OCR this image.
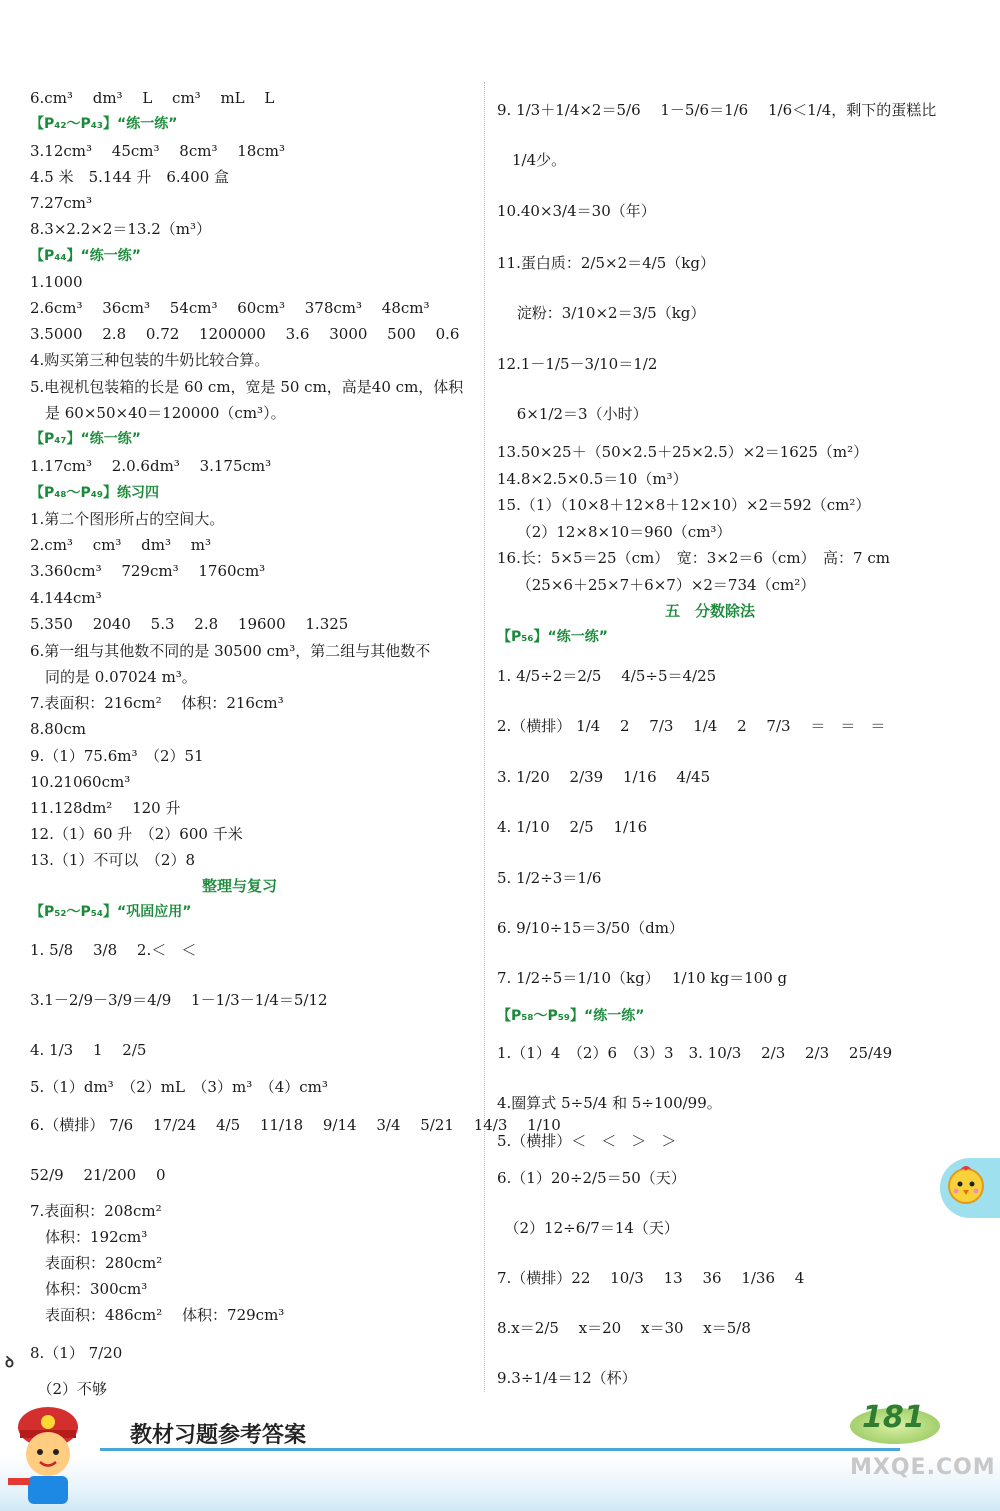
6.cm³　 dm³　 L　 cm³　 mL　 L
【P₄₂～P₄₃】“练一练”
3.12cm³　 45cm³　 8cm³　 18cm³
4.5 米　5.144 升　6.400 盒
7.27cm³
8.3×2.2×2＝13.2（m³）
【P₄₄】“练一练”
1.1000
2.6cm³　 36cm³　 54cm³　 60cm³　 378cm³　 48cm³
3.5000　 2.8　 0.72　 1200000　 3.6　 3000　 500　 0.6
4.购买第三种包装的牛奶比较合算。
5.电视机包装箱的长是 60 cm，宽是 50 cm，高是40 cm，体积
　是 60×50×40＝120000（cm³）。
【P₄₇】“练一练”
1.17cm³　 2.0.6dm³　 3.175cm³
【P₄₈～P₄₉】练习四
1.第二个图形所占的空间大。
2.cm³　 cm³　 dm³　 m³
3.360cm³　 729cm³　 1760cm³
4.144cm³
5.350　 2040　 5.3　 2.8　 19600　 1.325
6.第一组与其他数不同的是 30500 cm³，第二组与其他数不
　同的是 0.07024 m³。
7.表面积：216cm²　 体积：216cm³
8.80cm
9.（1）75.6m³　（2）51
10.21060cm³
11.128dm²　 120 升
12.（1）60 升　（2）600 千米
13.（1）不可以　（2）8
整理与复习
【P₅₂～P₅₄】“巩固应用”
1. 5/8　 3/8　 2.＜　＜
3.1－2/9－3/9＝4/9　 1－1/3－1/4＝5/12
4. 1/3　 1　 2/5
5.（1）dm³　（2）mL　（3）m³　（4）cm³
6.（横排） 7/6　 17/24　 4/5　 11/18　 9/14　 3/4　 5/21　 14/3　 1/10
52/9　 21/200　 0
7.表面积：208cm²
　体积：192cm³
　表面积：280cm²
　体积：300cm³
　表面积：486cm²　 体积：729cm³
8.（1） 7/20
　（2）不够
9. 1/3＋1/4×2＝5/6　 1－5/6＝1/6　 1/6＜1/4，剩下的蛋糕比
　1/4少。
10.40×3/4＝30（年）
11.蛋白质：2/5×2＝4/5（kg）
　 淀粉：3/10×2＝3/5（kg）
12.1－1/5－3/10＝1/2
　 6×1/2＝3（小时）
13.50×25＋（50×2.5＋25×2.5）×2＝1625（m²）
14.8×2.5×0.5＝10（m³）
15.（1）（10×8＋12×8＋12×10）×2＝592（cm²）
　 （2）12×8×10＝960（cm³）
16.长：5×5＝25（cm）　宽：3×2＝6（cm）　高：7 cm
　 （25×6＋25×7＋6×7）×2＝734（cm²）
五　分数除法
【P₅₆】“练一练”
1. 4/5÷2＝2/5　 4/5÷5＝4/25
2.（横排） 1/4　 2　 7/3　 1/4　 2　 7/3　 ＝　＝　＝
3. 1/20　 2/39　 1/16　 4/45
4. 1/10　 2/5　 1/16
5. 1/2÷3＝1/6
6. 9/10÷15＝3/50（dm）
7. 1/2÷5＝1/10（kg）　 1/10 kg＝100 g
【P₅₈～P₅₉】“练一练”
1.（1）4　（2）6　（3）3　3. 10/3　 2/3　 2/3　 25/49
4.圈算式 5÷5/4 和 5÷100/99。
5.（横排）＜　＜　＞　＞
6.（1）20÷2/5＝50（天）
　（2）12÷6/7＝14（天）
7.（横排）22　 10/3　 13　 36　 1/36　 4
8.x＝2/5　 x＝20　 x＝30　 x＝5/8
9.3÷1/4＝12（杯）
ꝺ
教材习题参考答案
181
MXQE.COM
